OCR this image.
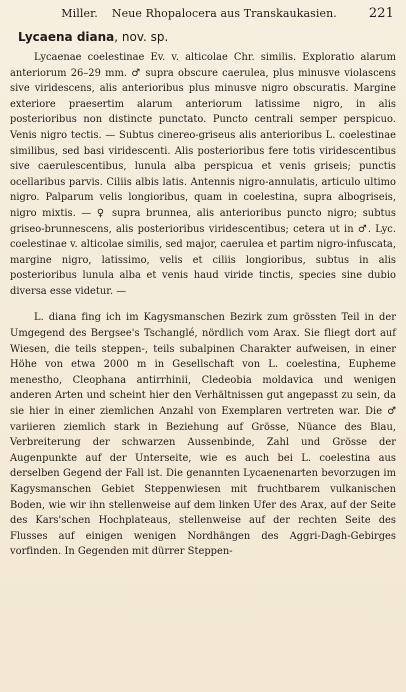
Miller. Neue Rhopalocera aus Transkaukasien. 221
Lycaena diana, nov. sp.

Lycaenae coelestinae Ev. v. alticolae Chr. similis. Exploratio alarum anteriorum 26–29 mm. ♂ supra obscure caerulea, plus minusve violascens sive viridescens, alis anterioribus plus minusve nigro obscuratis. Margine exteriore praesertim alarum anteriorum latissime nigro, in alis posterioribus non distincte punctato. Puncto centrali semper perspicuo. Venis nigro tectis. — Subtus cinereo-griseus alis anterioribus L. coelestinae similibus, sed basi viridescenti. Alis posterioribus fere totis viridescentibus sive caerulescentibus, lunula alba perspicua et venis griseis; punctis ocellaribus parvis. Ciliis albis latis. Antennis nigro-annulatis, articulo ultimo nigro. Palparum velis longioribus, quam in coelestina, supra albogriseis, nigro mixtis. — ♀ supra brunnea, alis anterioribus puncto nigro; subtus griseo-brunnescens, alis posterioribus viridescentibus; cetera ut in ♂. Lyc. coelestinae v. alticolae similis, sed major, caerulea et partim nigro-infuscata, margine nigro, latissimo, velis et ciliis longioribus, subtus in alis posterioribus lunula alba et venis haud viride tinctis, species sine dubio diversa esse videtur. —

L. diana fing ich im Kagysmanschen Bezirk zum grössten Teil in der Umgegend des Bergsee's Tschanglé, nördlich vom Arax. Sie fliegt dort auf Wiesen, die teils steppen-, teils subalpinen Charakter aufweisen, in einer Höhe von etwa 2000 m in Gesellschaft von L. coelestina, Eupheme menestho, Cleophana antirrhinii, Cledeobia moldavica und wenigen anderen Arten und scheint hier den Verhältnissen gut angepasst zu sein, da sie hier in einer ziemlichen Anzahl von Exemplaren vertreten war. Die ♂ variieren ziemlich stark in Beziehung auf Grösse, Nüance des Blau, Verbreiterung der schwarzen Aussenbinde, Zahl und Grösse der Augenpunkte auf der Unterseite, wie es auch bei L. coelestina aus derselben Gegend der Fall ist. Die genannten Lycaenenarten bevorzugen im Kagysmanschen Gebiet Steppenwiesen mit fruchtbarem vulkanischen Boden, wie wir ihn stellenweise auf dem linken Ufer des Arax, auf der Seite des Kars'schen Hochplateaus, stellenweise auf der rechten Seite des Flusses auf einigen wenigen Nordhängen des Aggri-Dagh-Gebirges vorfinden. In Gegenden mit dürrer Steppen-
